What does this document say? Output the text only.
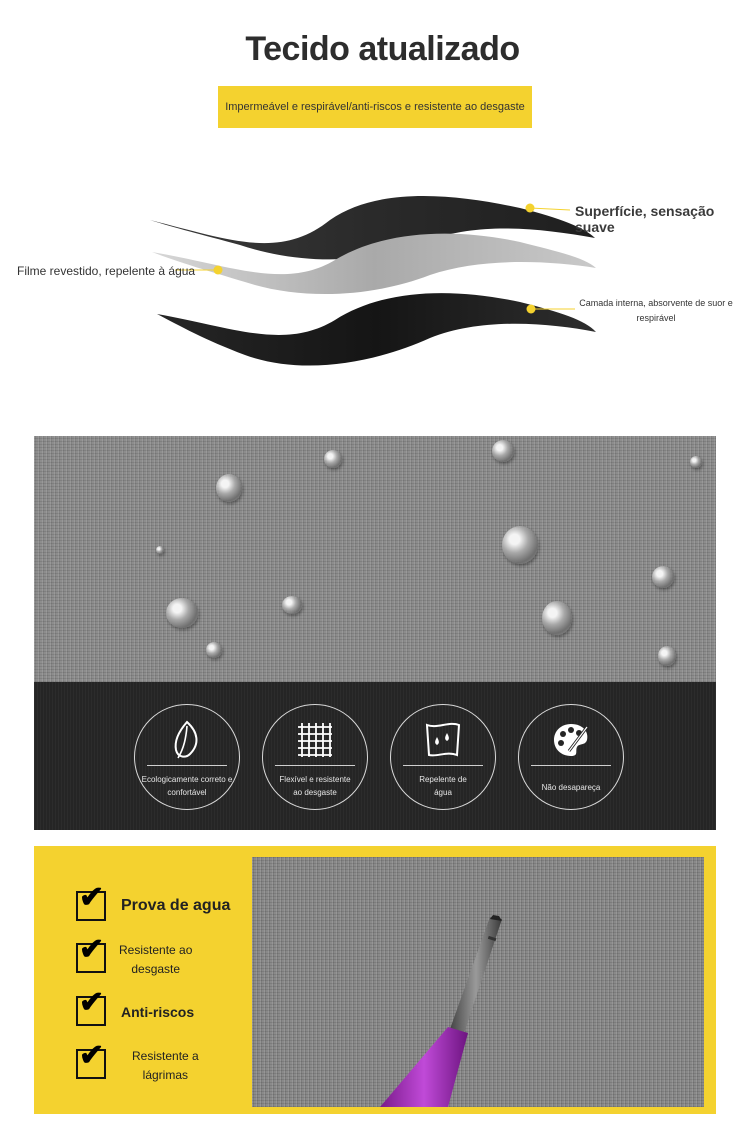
Tecido atualizado
Impermeável e respirável/anti-riscos e resistente ao desgaste
Superfície, sensação suave
Filme revestido, repelente à água
Camada interna, absorvente de suor e
respirável
Ecologicamente correto e
confortável
Flexível e resistente
ao desgaste
Repelente de
água
Não desapareça
✔ Prova de agua
✔ Resistente ao
desgaste
✔ Anti-riscos
✔ Resistente a
lágrimas
